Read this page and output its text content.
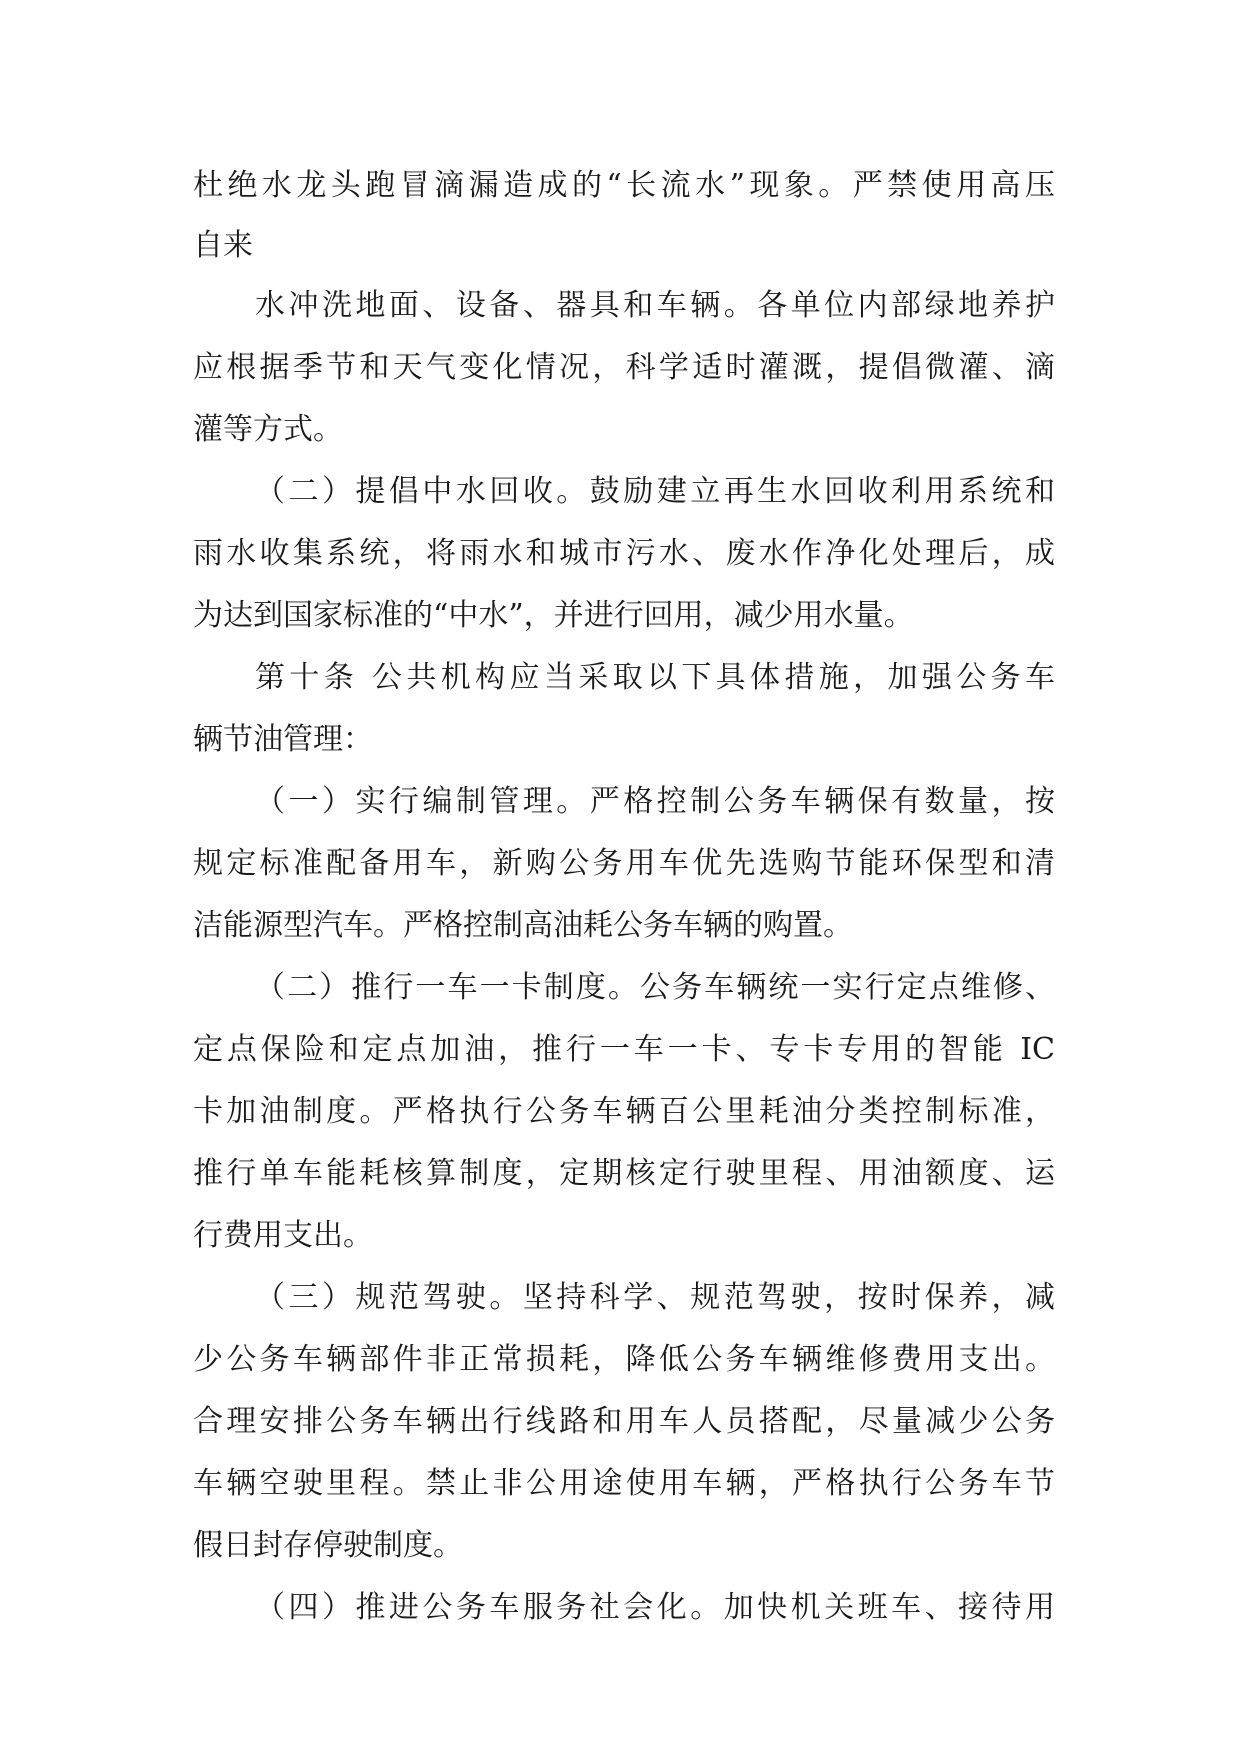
杜绝水龙头跑冒滴漏造成的“长流水”现象。严禁使用高压
自来
水冲洗地面、设备、器具和车辆。各单位内部绿地养护
应根据季节和天气变化情况，科学适时灌溉，提倡微灌、滴
灌等方式。
（二）提倡中水回收。鼓励建立再生水回收利用系统和
雨水收集系统，将雨水和城市污水、废水作净化处理后，成
为达到国家标准的“中水”，并进行回用，减少用水量。
第十条 公共机构应当采取以下具体措施，加强公务车
辆节油管理：
（一）实行编制管理。严格控制公务车辆保有数量，按
规定标准配备用车，新购公务用车优先选购节能环保型和清
洁能源型汽车。严格控制高油耗公务车辆的购置。
（二）推行一车一卡制度。公务车辆统一实行定点维修、
定点保险和定点加油，推行一车一卡、专卡专用的智能 IC
卡加油制度。严格执行公务车辆百公里耗油分类控制标准，
推行单车能耗核算制度，定期核定行驶里程、用油额度、运
行费用支出。
（三）规范驾驶。坚持科学、规范驾驶，按时保养，减
少公务车辆部件非正常损耗，降低公务车辆维修费用支出。
合理安排公务车辆出行线路和用车人员搭配，尽量减少公务
车辆空驶里程。禁止非公用途使用车辆，严格执行公务车节
假日封存停驶制度。
（四）推进公务车服务社会化。加快机关班车、接待用
